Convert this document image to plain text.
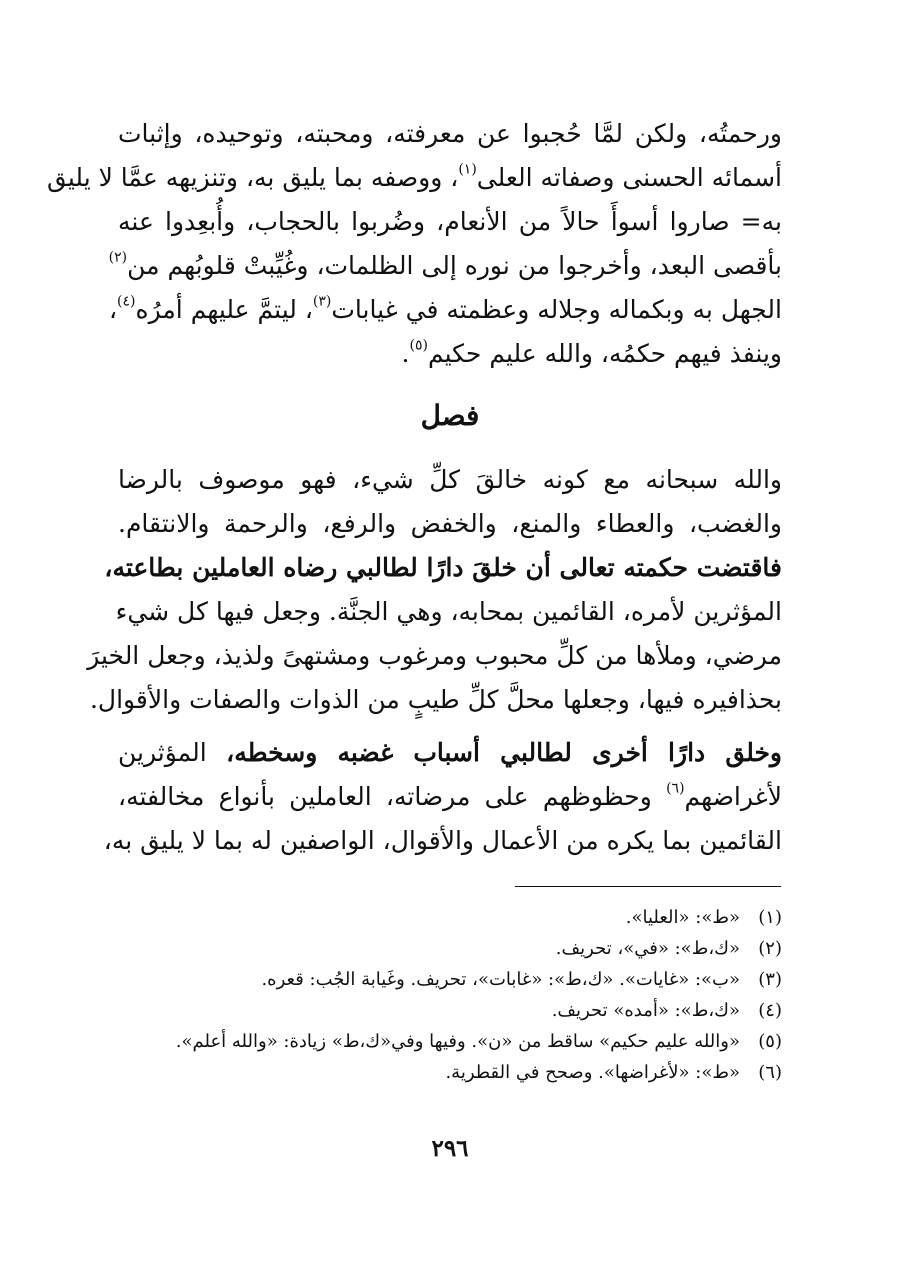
ورحمتُه، ولكن لمَّا حُجبوا عن معرفته، ومحبته، وتوحيده، وإثبات
أسمائه الحسنى وصفاته العلى$^{(١)}$، ووصفه بما يليق به، وتنزيهه عمَّا لا يليق
به= صاروا أسوأَ حالاً من الأنعام، وضُربوا بالحجاب، وأُبعِدوا عنه
بأقصى البعد، وأخرجوا من نوره إلى الظلمات، وغُيِّبتْ قلوبُهم من$^{(٢)}$
الجهل به وبكماله وجلاله وعظمته في غيابات$^{(٣)}$، ليتمَّ عليهم أمرُه$^{(٤)}$،
وينفذ فيهم حكمُه، والله عليم حكيم$^{(٥)}$.
فصل
والله سبحانه مع كونه خالقَ كلِّ شيء، فهو موصوف بالرضا
والغضب، والعطاء والمنع، والخفض والرفع، والرحمة والانتقام.
فاقتضت حكمته تعالى أن خلقَ دارًا لطالبي رضاه العاملين بطاعته،
المؤثرين لأمره، القائمين بمحابه، وهي الجنَّة. وجعل فيها كل شيء
مرضي، وملأها من كلِّ محبوب ومرغوب ومشتهىً ولذيذ، وجعل الخيرَ
بحذافيره فيها، وجعلها محلَّ كلِّ طيبٍ من الذوات والصفات والأقوال.
وخلق دارًا أخرى لطالبي أسباب غضبه وسخطه، المؤثرين
لأغراضهم$^{(٦)}$ وحظوظهم على مرضاته، العاملين بأنواع مخالفته،
القائمين بما يكره من الأعمال والأقوال، الواصفين له بما لا يليق به،
(١)
«ط»: «العليا».
(٢)
«ك،ط»: «في»، تحريف.
(٣)
«ب»: «غايات». «ك،ط»: «غابات»، تحريف. وغَيابة الجُب: قعره.
(٤)
«ك،ط»: «أمده» تحريف.
(٥)
«والله عليم حكيم» ساقط من «ن». وفيها وفي«ك،ط» زيادة: «والله أعلم».
(٦)
«ط»: «لأغراضها». وصحح في القطرية.
٢٩٦
